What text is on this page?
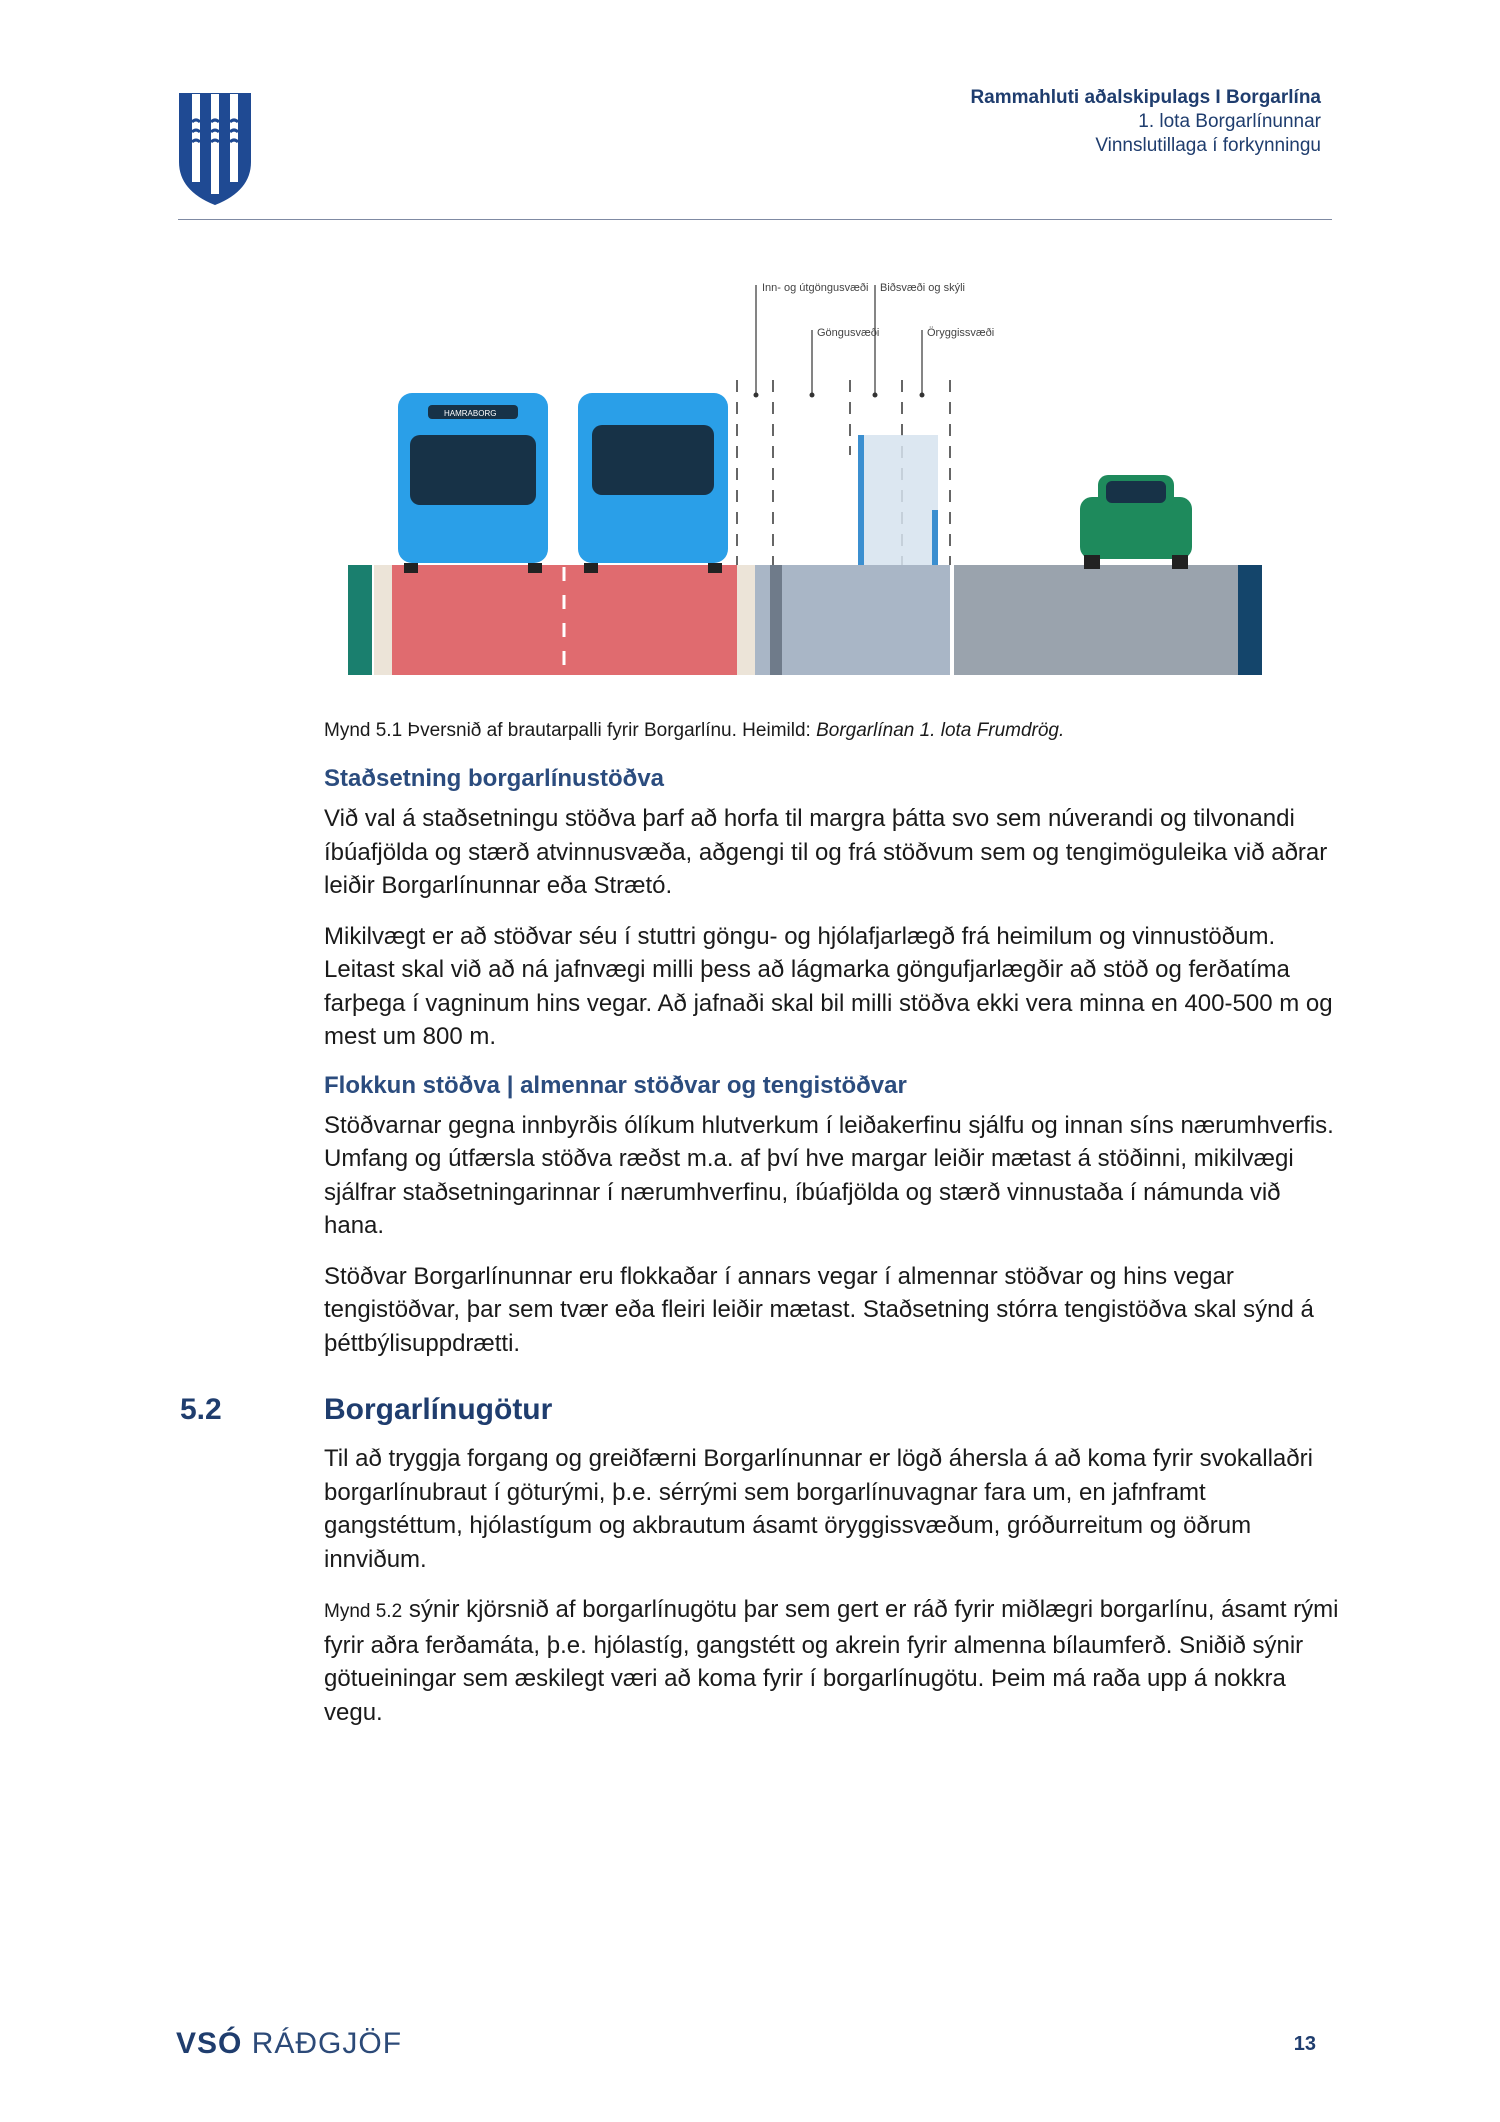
Rammahluti aðalskipulags I Borgarlína
1. lota Borgarlínunnar
Vinnslutillaga í forkynningu
Inn- og útgöngusvæði Biðsvæði og skýli
Göngusvæði	Öryggissvæði
HAMRABORG
Mynd 5.1 Þversnið af brautarpalli fyrir Borgarlínu. Heimild: Borgarlínan 1. lota Frumdrög.
Staðsetning borgarlínustöðva

Við val á staðsetningu stöðva þarf að horfa til margra þátta svo sem núverandi og tilvonandi íbúafjölda og stærð atvinnusvæða, aðgengi til og frá stöðvum sem og tengimöguleika við aðrar leiðir Borgarlínunnar eða Strætó.

Mikilvægt er að stöðvar séu í stuttri göngu- og hjólafjarlægð frá heimilum og vinnustöðum. Leitast skal við að ná jafnvægi milli þess að lágmarka göngufjarlægðir að stöð og ferðatíma farþega í vagninum hins vegar. Að jafnaði skal bil milli stöðva ekki vera minna en 400-500 m og mest um 800 m.

Flokkun stöðva | almennar stöðvar og tengistöðvar

Stöðvarnar gegna innbyrðis ólíkum hlutverkum í leiðakerfinu sjálfu og innan síns nærumhverfis. Umfang og útfærsla stöðva ræðst m.a. af því hve margar leiðir mætast á stöðinni, mikilvægi sjálfrar staðsetningarinnar í nærumhverfinu, íbúafjölda og stærð vinnustaða í námunda við hana.

Stöðvar Borgarlínunnar eru flokkaðar í annars vegar í almennar stöðvar og hins vegar tengistöðvar, þar sem tvær eða fleiri leiðir mætast. Staðsetning stórra tengistöðva skal sýnd á þéttbýlisuppdrætti.

5.2	Borgarlínugötur

Til að tryggja forgang og greiðfærni Borgarlínunnar er lögð áhersla á að koma fyrir svokallaðri borgarlínubraut í göturými, þ.e. sérrými sem borgarlínuvagnar fara um, en jafnframt gangstéttum, hjólastígum og akbrautum ásamt öryggissvæðum, gróðurreitum og öðrum innviðum.

Mynd 5.2 sýnir kjörsnið af borgarlínugötu þar sem gert er ráð fyrir miðlægri borgarlínu, ásamt rými fyrir aðra ferðamáta, þ.e. hjólastíg, gangstétt og akrein fyrir almenna bílaumferð. Sniðið sýnir götueiningar sem æskilegt væri að koma fyrir í borgarlínugötu. Þeim má raða upp á nokkra vegu.

VSÓ RÁÐGJÖF	13
